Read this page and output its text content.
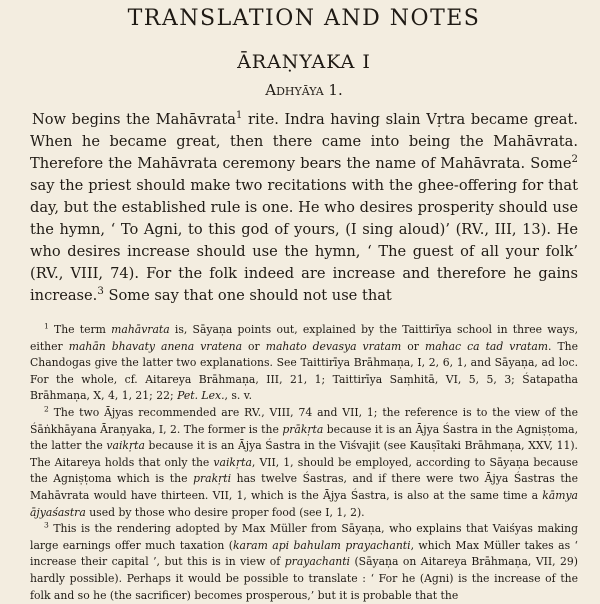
TRANSLATION AND NOTES
ĀRAṆYAKA I
Adhyāya 1.

Now begins the Mahāvrata$^1$ rite. Indra having slain Vṛtra became great. When he became great, then there came into being the Mahāvrata. Therefore the Mahāvrata ceremony bears the name of Mahāvrata. Some$^2$ say the priest should make two recitations with the ghee-offering for that day, but the established rule is one. He who desires prosperity should use the hymn, ‘ To Agni, to this god of yours, (I sing aloud)’ (RV., III, 13). He who desires increase should use the hymn, ‘ The guest of all your folk’ (RV., VIII, 74). For the folk indeed are increase and therefore he gains increase.$^3$ Some say that one should not use that

$^1$ The term mahāvrata is, Sāyaṇa points out, explained by the Taittirīya school in three ways, either mahān bhavaty anena vratena or mahato devasya vratam or mahac ca tad vratam. The Chandogas give the latter two explanations. See Taittirīya Brāhmaṇa, I, 2, 6, 1, and Sāyaṇa, ad loc. For the whole, cf. Aitareya Brāhmaṇa, III, 21, 1; Taittirīya Saṃhitā, VI, 5, 5, 3; Śatapatha Brāhmaṇa, X, 4, 1, 21; 22; Pet. Lex., s. v.

$^2$ The two Ājyas recommended are RV., VIII, 74 and VII, 1; the reference is to the view of the Śāṅkhāyana Āraṇyaka, I, 2. The former is the prākṛta because it is an Ājya Śastra in the Agniṣṭoma, the latter the vaikṛta because it is an Ājya Śastra in the Viśvajit (see Kauṣītaki Brāhmaṇa, XXV, 11). The Aitareya holds that only the vaikṛta, VII, 1, should be employed, according to Sāyaṇa because the Agniṣṭoma which is the prakṛti has twelve Śastras, and if there were two Ājya Śastras the Mahāvrata would have thirteen. VII, 1, which is the Ājya Śastra, is also at the same time a kāmya ājyaśastra used by those who desire proper food (see I, 1, 2).

$^3$ This is the rendering adopted by Max Müller from Sāyaṇa, who explains that Vaiśyas making large earnings offer much taxation (karam api bahulam prayachanti, which Max Müller takes as ‘ increase their capital ’, but this is in view of prayachanti (Sāyaṇa on Aitareya Brāhmaṇa, VII, 29) hardly possible). Perhaps it would be possible to translate : ‘ For he (Agni) is the increase of the folk and so he (the sacrificer) becomes prosperous,’ but it is probable that the
